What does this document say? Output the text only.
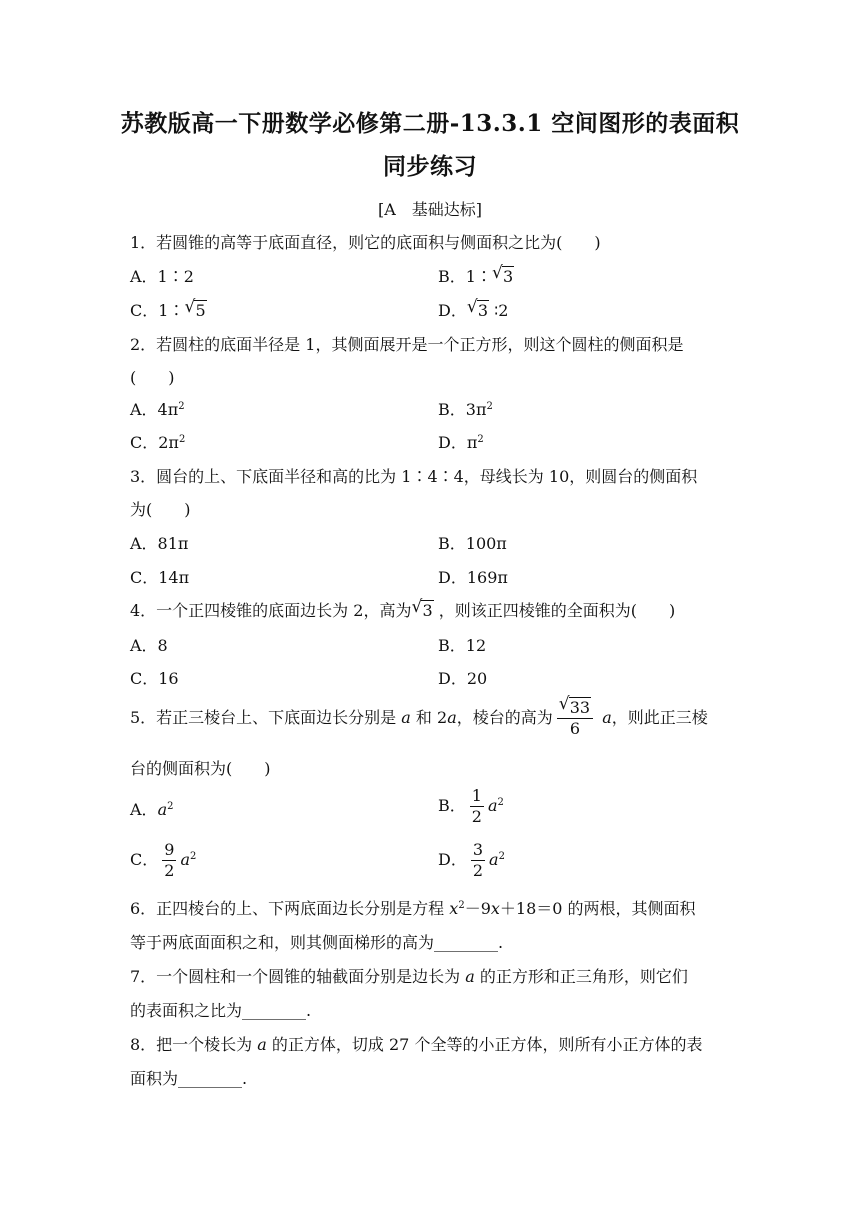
苏教版高一下册数学必修第二册-13.3.1 空间图形的表面积
同步练习
[A　基础达标]
1．若圆锥的高等于底面直径，则它的底面积与侧面积之比为(　　)
A．1∶2	B．1∶ √ 3
C．1∶ √ 5	D． √ 3 ∶2
2．若圆柱的底面半径是 1，其侧面展开是一个正方形，则这个圆柱的侧面积是
(　　)
A．$4\pi^2$	B．$3\pi^2$
C．$2\pi^2$	D．$\pi^2$
3．圆台的上、下底面半径和高的比为 1∶4∶4，母线长为 10，则圆台的侧面积
为(　　)
A．81π	B．100π
C．14π	D．169π
4．一个正四棱锥的底面边长为 2，高为 √ 3 ，则该正四棱锥的全面积为(　　)
A．8	B．12
C．16	D．20
5．若正三棱台上、下底面边长分别是 a 和 2a，棱台的高为 $\frac{√ 33}{6}$ a，则此正三棱
台的侧面积为(　　)
A．$a^2$	B． $\frac{1}{2} a^2$
C． $\frac{9}{2} a^2$	D． $\frac{3}{2} a^2$
6．正四棱台的上、下两底面边长分别是方程 $x^2-9x+18=0$ 的两根，其侧面积
等于两底面面积之和，则其侧面梯形的高为________.
7．一个圆柱和一个圆锥的轴截面分别是边长为 a 的正方形和正三角形，则它们
的表面积之比为________.
8．把一个棱长为 a 的正方体，切成 27 个全等的小正方体，则所有小正方体的表
面积为________.
